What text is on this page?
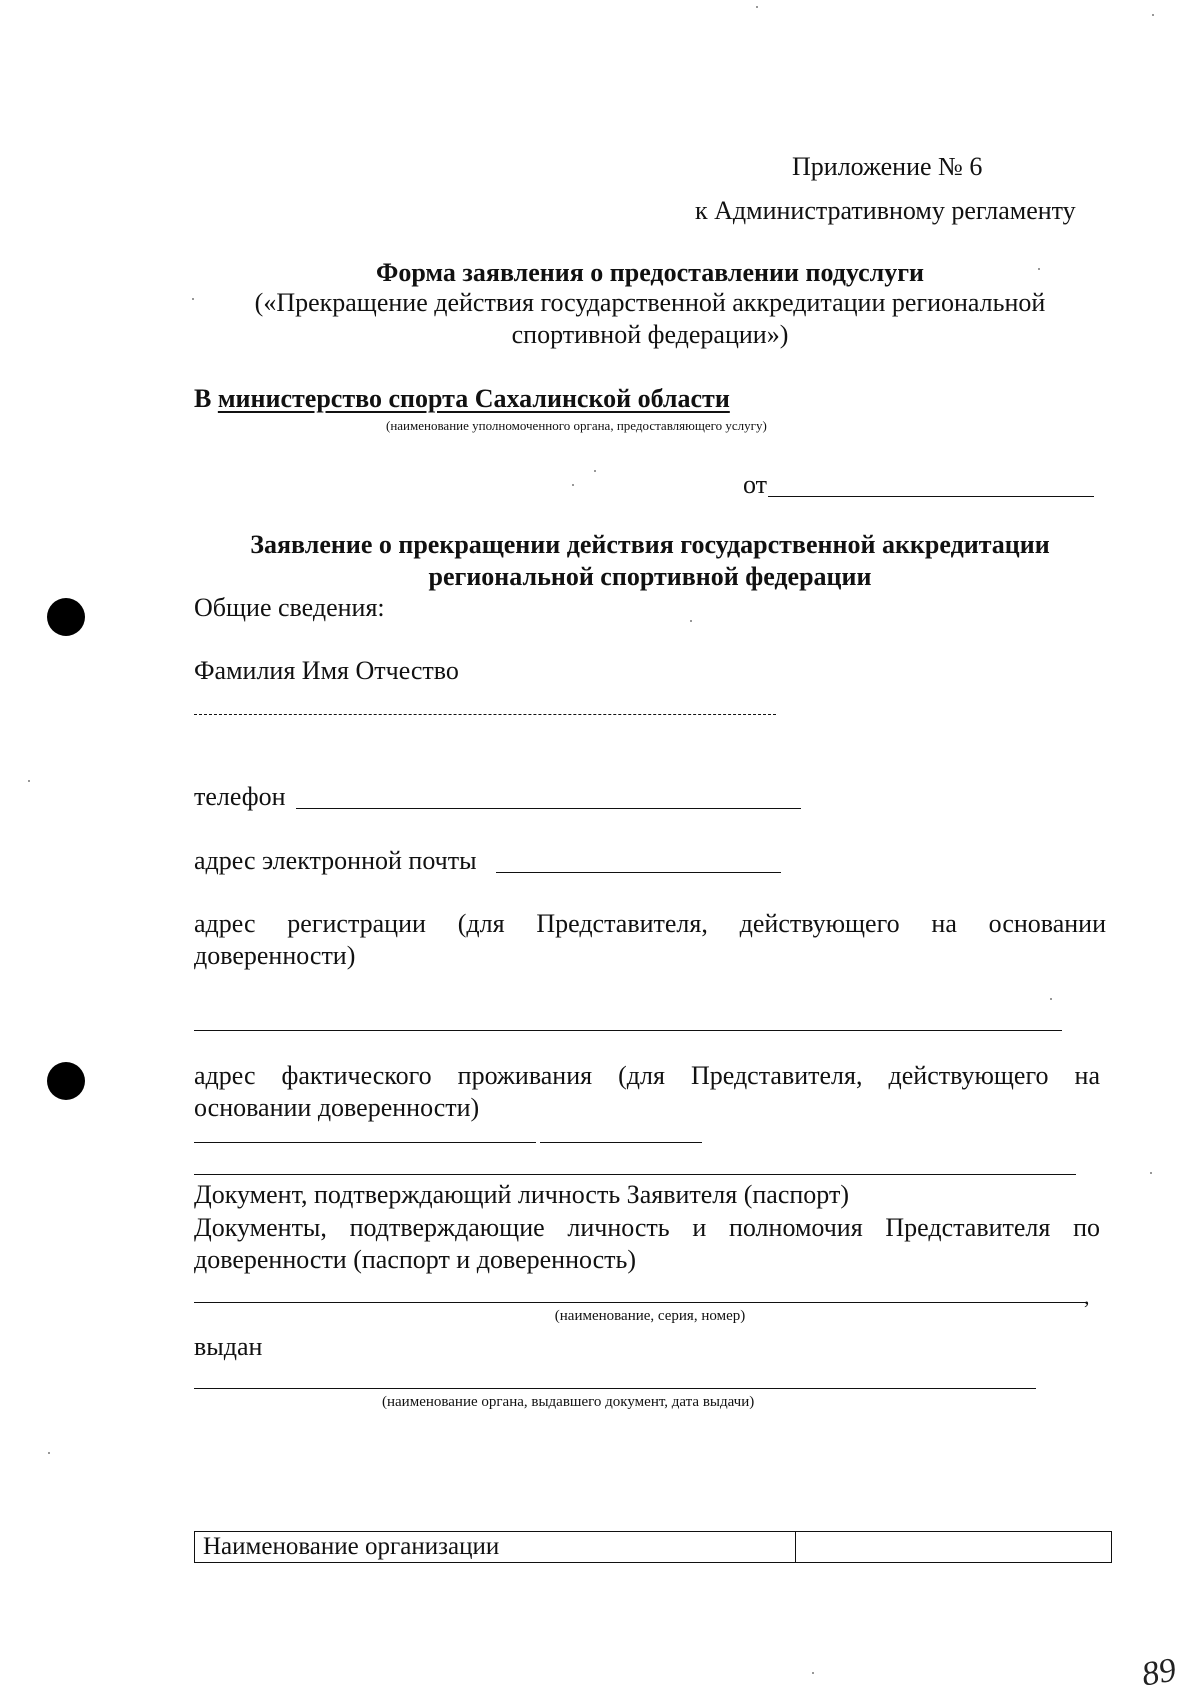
Приложение № 6
к Административному регламенту
Форма заявления о предоставлении подуслуги
(«Прекращение действия государственной аккредитации региональной
спортивной федерации»)
В министерство спорта Сахалинской области
(наименование уполномоченного органа, предоставляющего услугу)
от
Заявление о прекращении действия государственной аккредитации
региональной спортивной федерации
Общие сведения:
Фамилия Имя Отчество
телефон
адрес электронной почты
адрес регистрации (для Представителя, действующего на основании доверенности)
адрес фактического проживания (для Представителя, действующего на основании доверенности)
Документ, подтверждающий личность Заявителя (паспорт)
Документы, подтверждающие личность и полномочия Представителя по доверенности (паспорт и доверенность)
,
(наименование, серия, номер)
выдан
(наименование органа, выдавшего документ, дата выдачи)
Наименование организации	
89
